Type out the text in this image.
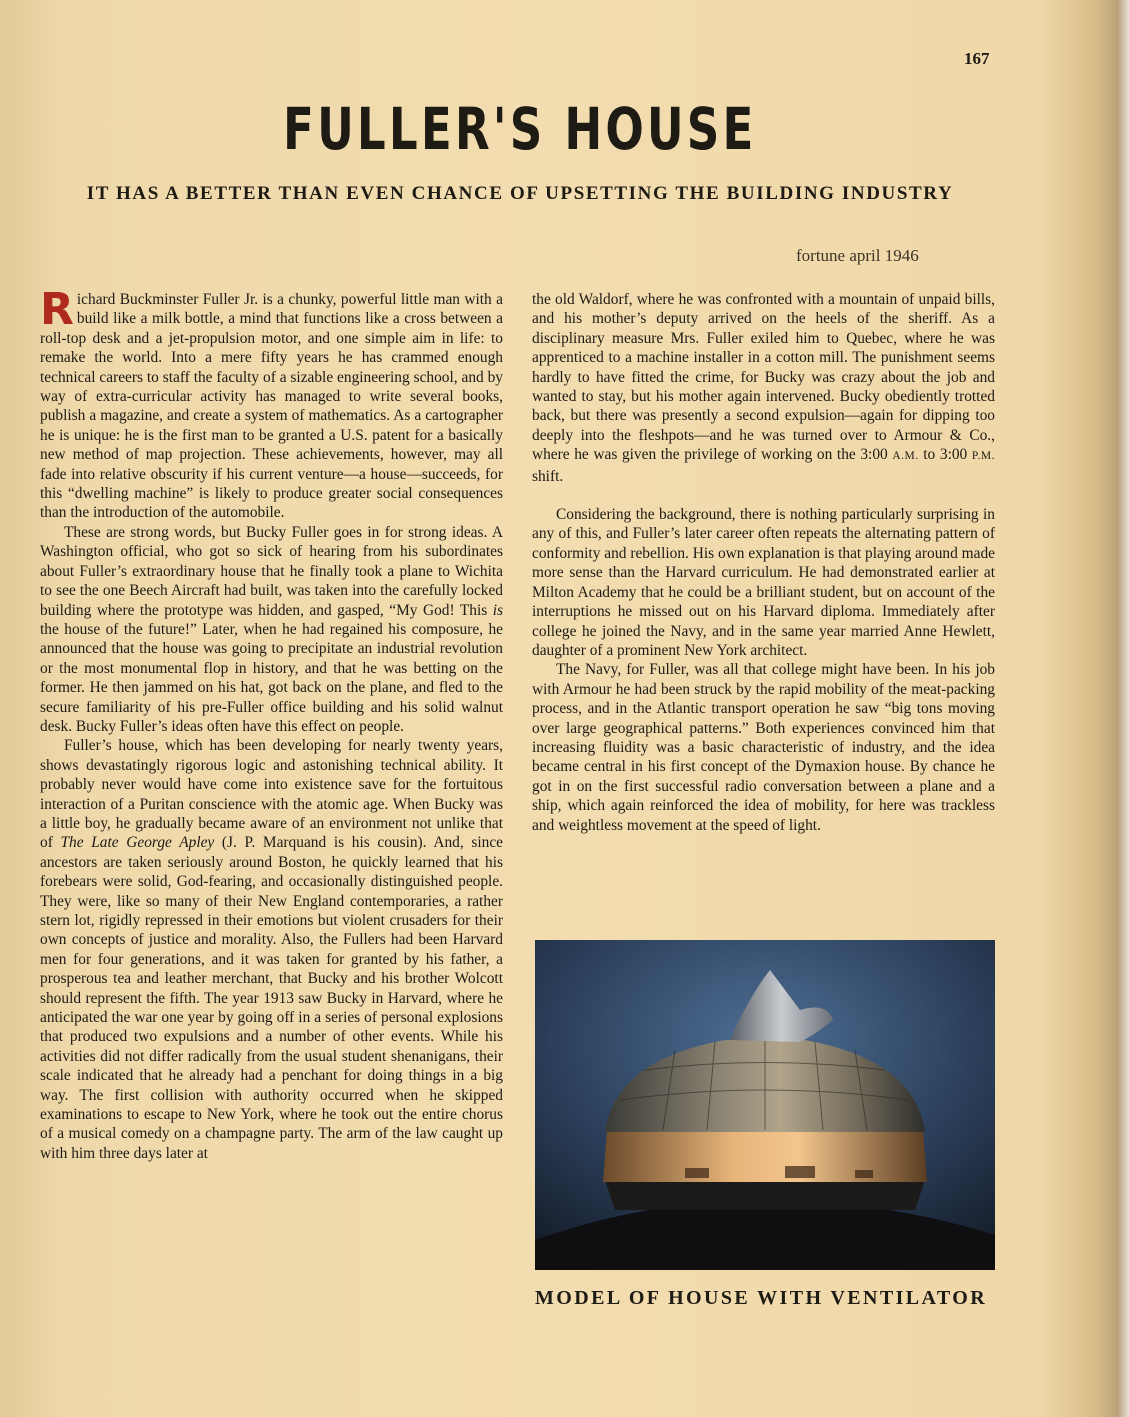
167
FULLER'S HOUSE
IT HAS A BETTER THAN EVEN CHANCE OF UPSETTING THE BUILDING INDUSTRY
fortune april 1946

Richard Buckminster Fuller Jr. is a chunky, powerful little man with a build like a milk bottle, a mind that functions like a cross between a roll-top desk and a jet-propulsion motor, and one simple aim in life: to remake the world. Into a mere fifty years he has crammed enough technical careers to staff the faculty of a sizable engineering school, and by way of extra-curricular activity has managed to write several books, publish a magazine, and create a system of mathematics. As a cartographer he is unique: he is the first man to be granted a U.S. patent for a basically new method of map projection. These achievements, however, may all fade into relative obscurity if his current venture—a house—succeeds, for this “dwelling machine” is likely to produce greater social consequences than the introduction of the automobile.

These are strong words, but Bucky Fuller goes in for strong ideas. A Washington official, who got so sick of hearing from his subordinates about Fuller’s extraordinary house that he finally took a plane to Wichita to see the one Beech Aircraft had built, was taken into the carefully locked building where the prototype was hidden, and gasped, “My God! This is the house of the future!” Later, when he had regained his composure, he announced that the house was going to precipitate an industrial revolution or the most monumental flop in history, and that he was betting on the former. He then jammed on his hat, got back on the plane, and fled to the secure familiarity of his pre-Fuller office building and his solid walnut desk. Bucky Fuller’s ideas often have this effect on people.

Fuller’s house, which has been developing for nearly twenty years, shows devastatingly rigorous logic and astonishing technical ability. It probably never would have come into existence save for the fortuitous interaction of a Puritan conscience with the atomic age. When Bucky was a little boy, he gradually became aware of an environment not unlike that of The Late George Apley (J. P. Marquand is his cousin). And, since ancestors are taken seriously around Boston, he quickly learned that his forebears were solid, God-fearing, and occasionally distinguished people. They were, like so many of their New England contemporaries, a rather stern lot, rigidly repressed in their emotions but violent crusaders for their own concepts of justice and morality. Also, the Fullers had been Harvard men for four generations, and it was taken for granted by his father, a prosperous tea and leather merchant, that Bucky and his brother Wolcott should represent the fifth. The year 1913 saw Bucky in Harvard, where he anticipated the war one year by going off in a series of personal explosions that produced two expulsions and a number of other events. While his activities did not differ radically from the usual student shenanigans, their scale indicated that he already had a penchant for doing things in a big way. The first collision with authority occurred when he skipped examinations to escape to New York, where he took out the entire chorus of a musical comedy on a champagne party. The arm of the law caught up with him three days later at

the old Waldorf, where he was confronted with a mountain of unpaid bills, and his mother’s deputy arrived on the heels of the sheriff. As a disciplinary measure Mrs. Fuller exiled him to Quebec, where he was apprenticed to a machine installer in a cotton mill. The punishment seems hardly to have fitted the crime, for Bucky was crazy about the job and wanted to stay, but his mother again intervened. Bucky obediently trotted back, but there was presently a second expulsion—again for dipping too deeply into the fleshpots—and he was turned over to Armour & Co., where he was given the privilege of working on the 3:00 A.M. to 3:00 P.M. shift.

Considering the background, there is nothing particularly surprising in any of this, and Fuller’s later career often repeats the alternating pattern of conformity and rebellion. His own explanation is that playing around made more sense than the Harvard curriculum. He had demonstrated earlier at Milton Academy that he could be a brilliant student, but on account of the interruptions he missed out on his Harvard diploma. Immediately after college he joined the Navy, and in the same year married Anne Hewlett, daughter of a prominent New York architect.

The Navy, for Fuller, was all that college might have been. In his job with Armour he had been struck by the rapid mobility of the meat-packing process, and in the Atlantic transport operation he saw “big tons moving over large geographical patterns.” Both experiences convinced him that increasing fluidity was a basic characteristic of industry, and the idea became central in his first concept of the Dymaxion house. By chance he got in on the first successful radio conversation between a plane and a ship, which again reinforced the idea of mobility, for here was trackless and weightless movement at the speed of light.

MODEL OF HOUSE WITH VENTILATOR
